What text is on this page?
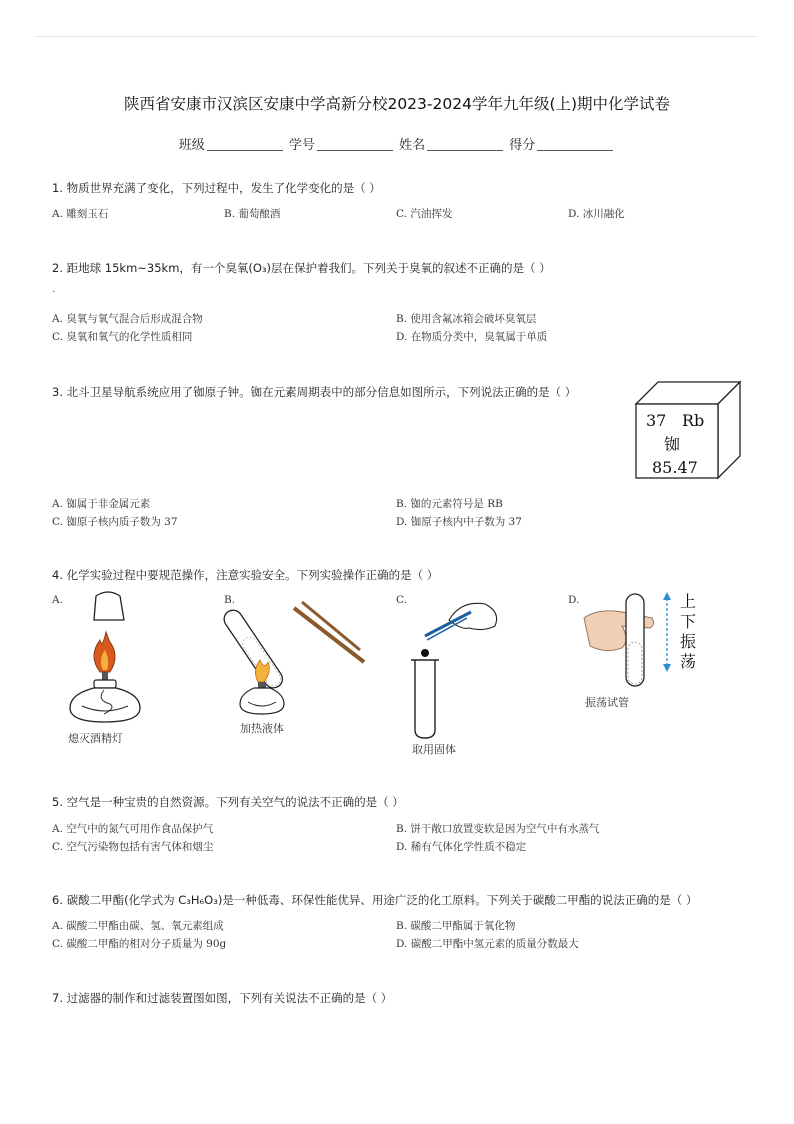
陕西省安康市汉滨区安康中学高新分校2023-2024学年九年级(上)期中化学试卷
班级	学号	姓名	得分
1. 物质世界充满了变化，下列过程中，发生了化学变化的是（ ）
A. 雕刻玉石	B. 葡萄酿酒	C. 汽油挥发	D. 冰川融化
2. 距地球 15km~35km，有一个臭氧(O₃)层在保护着我们。下列关于臭氧的叙述不正确的是（ ）
.
A. 臭氧与氧气混合后形成混合物	B. 使用含氟冰箱会破坏臭氧层
C. 臭氧和氧气的化学性质相同	D. 在物质分类中，臭氧属于单质
3. 北斗卫星导航系统应用了铷原子钟。铷在元素周期表中的部分信息如图所示，下列说法正确的是（ ）
37 Rb
铷
85.47
A. 铷属于非金属元素	B. 铷的元素符号是 RB
C. 铷原子核内质子数为 37	D. 铷原子核内中子数为 37
4. 化学实验过程中要规范操作，注意实验安全。下列实验操作正确的是（ ）
A.	B.	C.	D.
熄灭酒精灯
加热液体
取用固体
上
下
振
荡
振荡试管
5. 空气是一种宝贵的自然资源。下列有关空气的说法不正确的是（ ）
A. 空气中的氮气可用作食品保护气	B. 饼干敞口放置变软是因为空气中有水蒸气
C. 空气污染物包括有害气体和烟尘	D. 稀有气体化学性质不稳定
6. 碳酸二甲酯(化学式为 C₃H₆O₃)是一种低毒、环保性能优异、用途广泛的化工原料。下列关于碳酸二甲酯的说法正确的是（ ）
A. 碳酸二甲酯由碳、氢、氧元素组成	B. 碳酸二甲酯属于氧化物
C. 碳酸二甲酯的相对分子质量为 90g	D. 碳酸二甲酯中氢元素的质量分数最大
7. 过滤器的制作和过滤装置图如图，下列有关说法不正确的是（ ）
